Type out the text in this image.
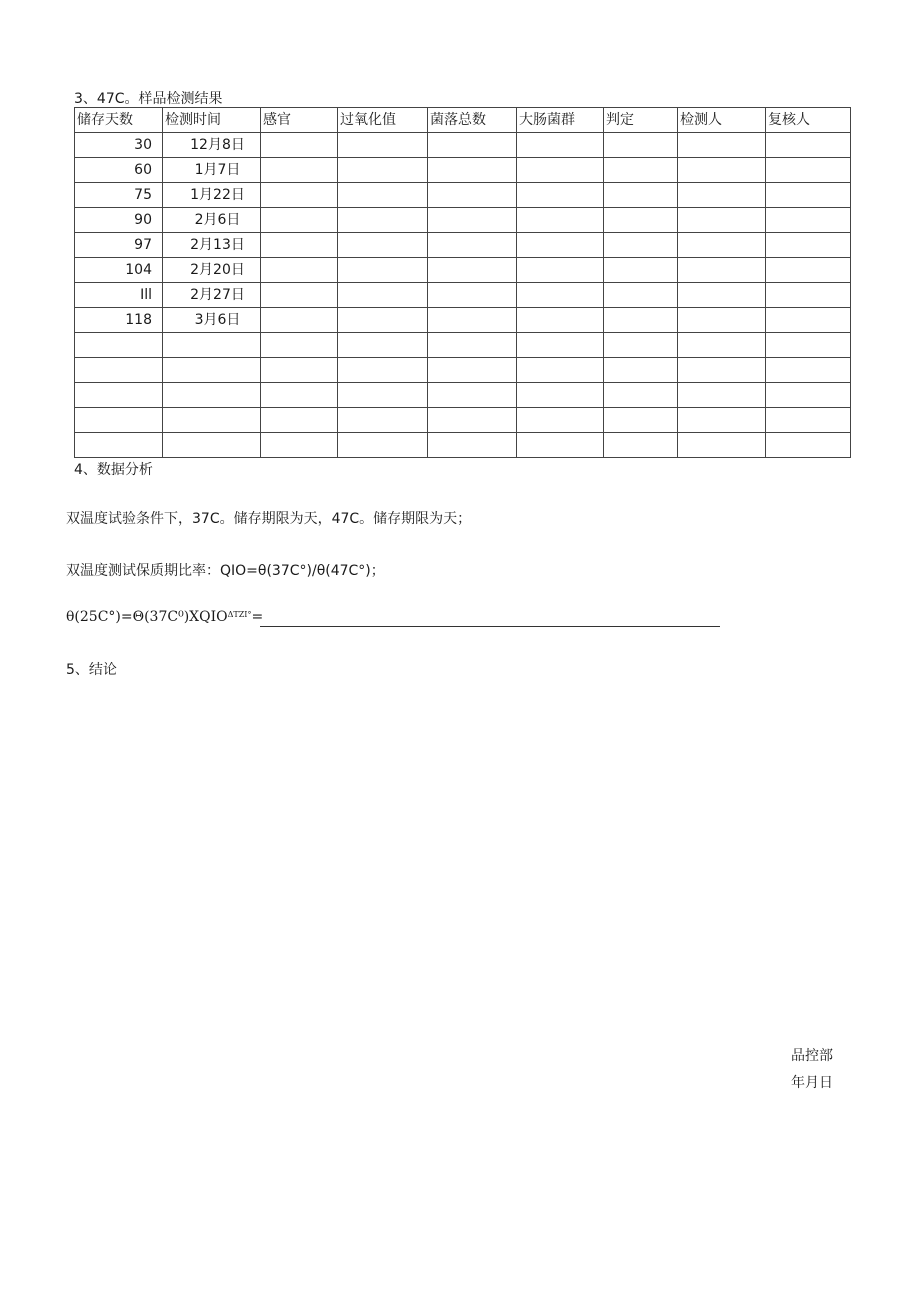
3、47C。样品检测结果
储存天数	检测时间	感官	过氧化值	菌落总数	大肠菌群	判定	检测人	复核人
30	12月8日							
60	1月7日							
75	1月22日							
90	2月6日							
97	2月13日							
104	2月20日							
Ill	2月27日							
118	3月6日							

4、数据分析
双温度试验条件下，37C。储存期限为天，47C。储存期限为天；
双温度测试保质期比率：QIO=θ(37C°)/θ(47C°)；
$\theta(25C^\circ)=\Theta(37C^0)XQIO^{\Delta TZI^\circ}=$
5、结论
品控部
年月日
